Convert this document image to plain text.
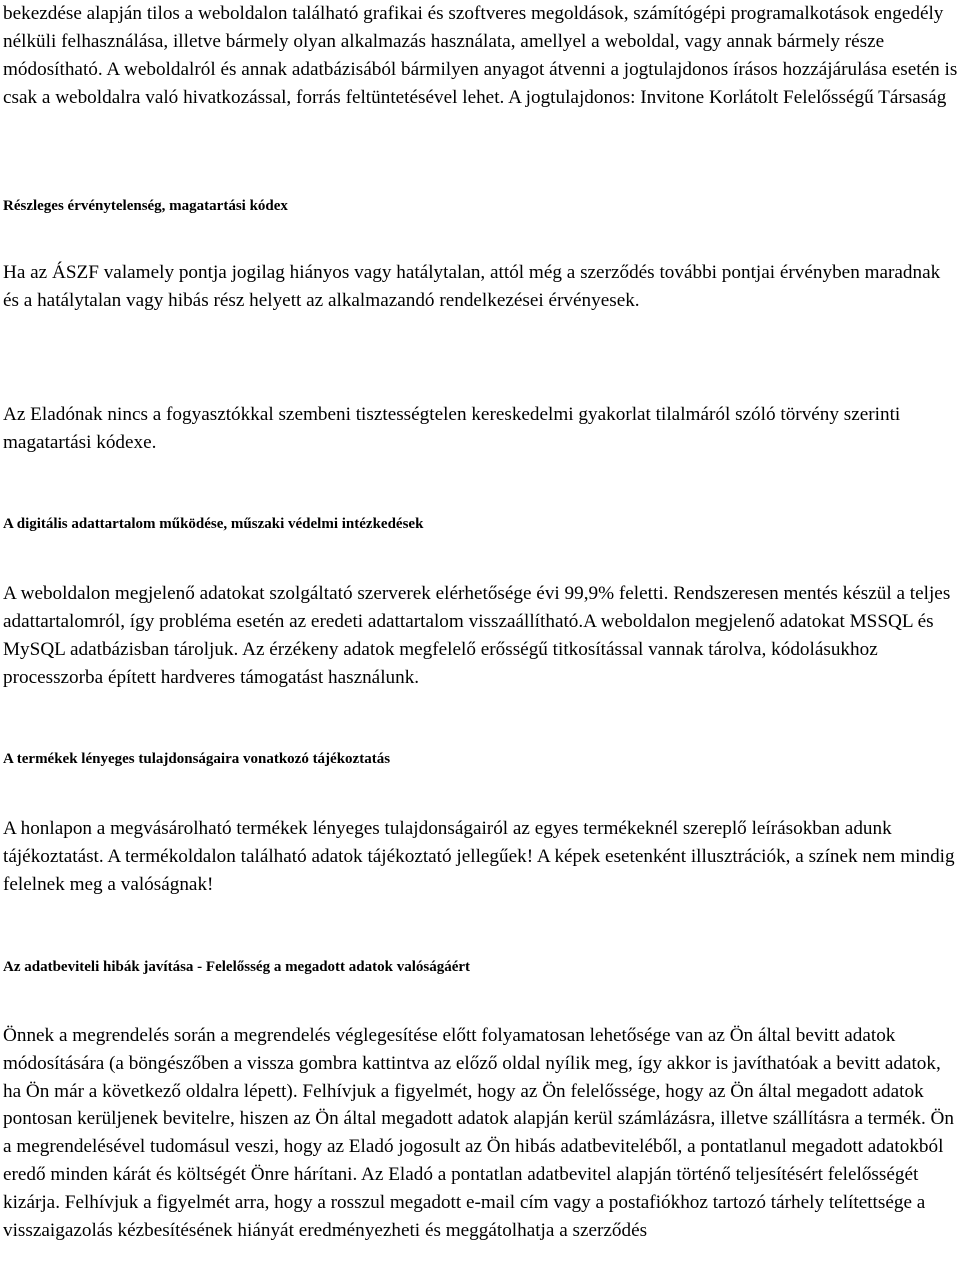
bekezdése alapján tilos a weboldalon található grafikai és szoftveres megoldások, számítógépi programalkotások engedély nélküli felhasználása, illetve bármely olyan alkalmazás használata, amellyel a weboldal, vagy annak bármely része módosítható. A weboldalról és annak adatbázisából bármilyen anyagot átvenni a jogtulajdonos írásos hozzájárulása esetén is csak a weboldalra való hivatkozással, forrás feltüntetésével lehet. A jogtulajdonos: Invitone Korlátolt Felelősségű Társaság

Részleges érvénytelenség, magatartási kódex

Ha az ÁSZF valamely pontja jogilag hiányos vagy hatálytalan, attól még a szerződés további pontjai érvényben maradnak és a hatálytalan vagy hibás rész helyett az alkalmazandó rendelkezései érvényesek.

Az Eladónak nincs a fogyasztókkal szembeni tisztességtelen kereskedelmi gyakorlat tilalmáról szóló törvény szerinti magatartási kódexe.

A digitális adattartalom működése, műszaki védelmi intézkedések

A weboldalon megjelenő adatokat szolgáltató szerverek elérhetősége évi 99,9% feletti. Rendszeresen mentés készül a teljes adattartalomról, így probléma esetén az eredeti adattartalom visszaállítható.A weboldalon megjelenő adatokat MSSQL és MySQL adatbázisban tároljuk. Az érzékeny adatok megfelelő erősségű titkosítással vannak tárolva, kódolásukhoz processzorba épített hardveres támogatást használunk.

A termékek lényeges tulajdonságaira vonatkozó tájékoztatás

A honlapon a megvásárolható termékek lényeges tulajdonságairól az egyes termékeknél szereplő leírásokban adunk tájékoztatást. A termékoldalon található adatok tájékoztató jellegűek! A képek esetenként illusztrációk, a színek nem mindig felelnek meg a valóságnak!

Az adatbeviteli hibák javítása - Felelősség a megadott adatok valóságáért

Önnek a megrendelés során a megrendelés véglegesítése előtt folyamatosan lehetősége van az Ön által bevitt adatok módosítására (a böngészőben a vissza gombra kattintva az előző oldal nyílik meg, így akkor is javíthatóak a bevitt adatok, ha Ön már a következő oldalra lépett). Felhívjuk a figyelmét, hogy az Ön felelőssége, hogy az Ön által megadott adatok pontosan kerüljenek bevitelre, hiszen az Ön által megadott adatok alapján kerül számlázásra, illetve szállításra a termék. Ön a megrendelésével tudomásul veszi, hogy az Eladó jogosult az Ön hibás adatbeviteléből, a pontatlanul megadott adatokból eredő minden kárát és költségét Önre hárítani. Az Eladó a pontatlan adatbevitel alapján történő teljesítésért felelősségét kizárja. Felhívjuk a figyelmét arra, hogy a rosszul megadott e-mail cím vagy a postafiókhoz tartozó tárhely telítettsége a visszaigazolás kézbesítésének hiányát eredményezheti és meggátolhatja a szerződés
